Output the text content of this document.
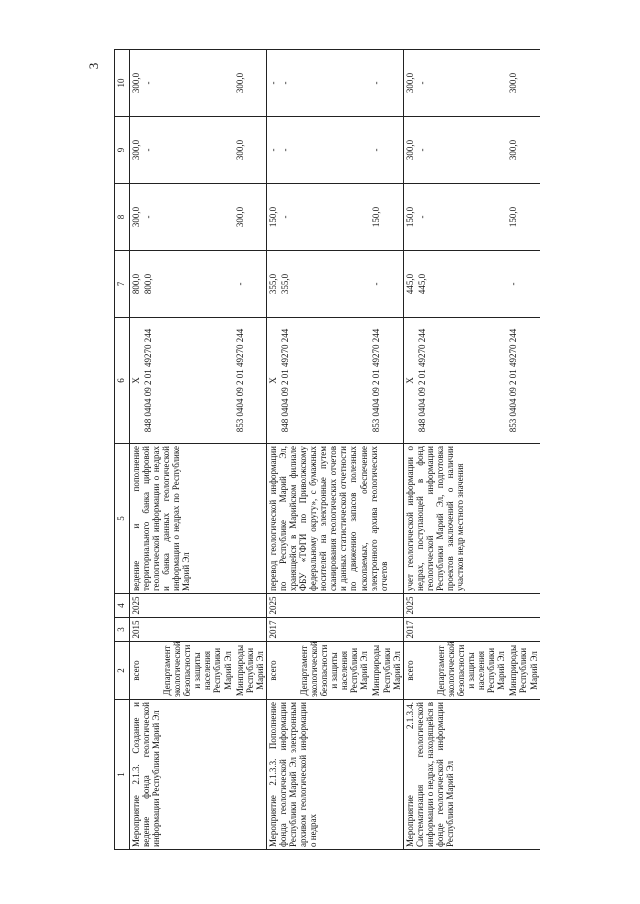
3
1	2	3	4	5	6	7	8	9	10
Мероприятие 2.1.3. Создание и ведение фонда геологической информации Республики Марий Эл	всего	2015	2025	ведение и пополнение территориального банка цифровой геологической информации о недрах и банка данных геологической информации о недрах по Республике Марий Эл	X	800,0	300,0	300,0	300,0
	Департамент экологической безопасности и защиты населения Республики Марий Эл				848 0404 09 2 01 49270 244	800,0	-	-	-
	Минприроды Республики Марий Эл				853 0404 09 2 01 49270 244	-	300,0	300,0	300,0
Мероприятие 2.1.3.3. Пополнение фонда геологической информации Республики Марий Эл электронным архивом геологической информации о недрах	всего	2017	2025	перевод геологической информации по Республике Марий Эл, хранящейся в Марийском филиале ФБУ «ТФГИ по Приволжскому федеральному округу», с бумажных носителей на электронные путем сканирования геологических отчетов и данных статистической отчетности по движению запасов полезных ископаемых, обеспечение электронного архива геологических отчетов	X	355,0	150,0	-	-
	Департамент экологической безопасности и защиты населения Республики Марий Эл				848 0404 09 2 01 49270 244	355,0	-	-	-
	Минприроды Республики Марий Эл				853 0404 09 2 01 49270 244	-	150,0	-	-
Мероприятие 2.1.3.4. Систематизация геологической информации о недрах, находящейся в фонде геологической информации Республики Марий Эл	всего	2017	2025	учет геологической информации о недрах, поступающей в фонд геологической информации Республики Марий Эл, подготовка проектов заключений о наличии участков недр местного значения	X	445,0	150,0	300,0	300,0
	Департамент экологической безопасности и защиты населения Республики Марий Эл				848 0404 09 2 01 49270 244	445,0	-	-	-
	Минприроды Республики Марий Эл				853 0404 09 2 01 49270 244	-	150,0	300,0	300,0
